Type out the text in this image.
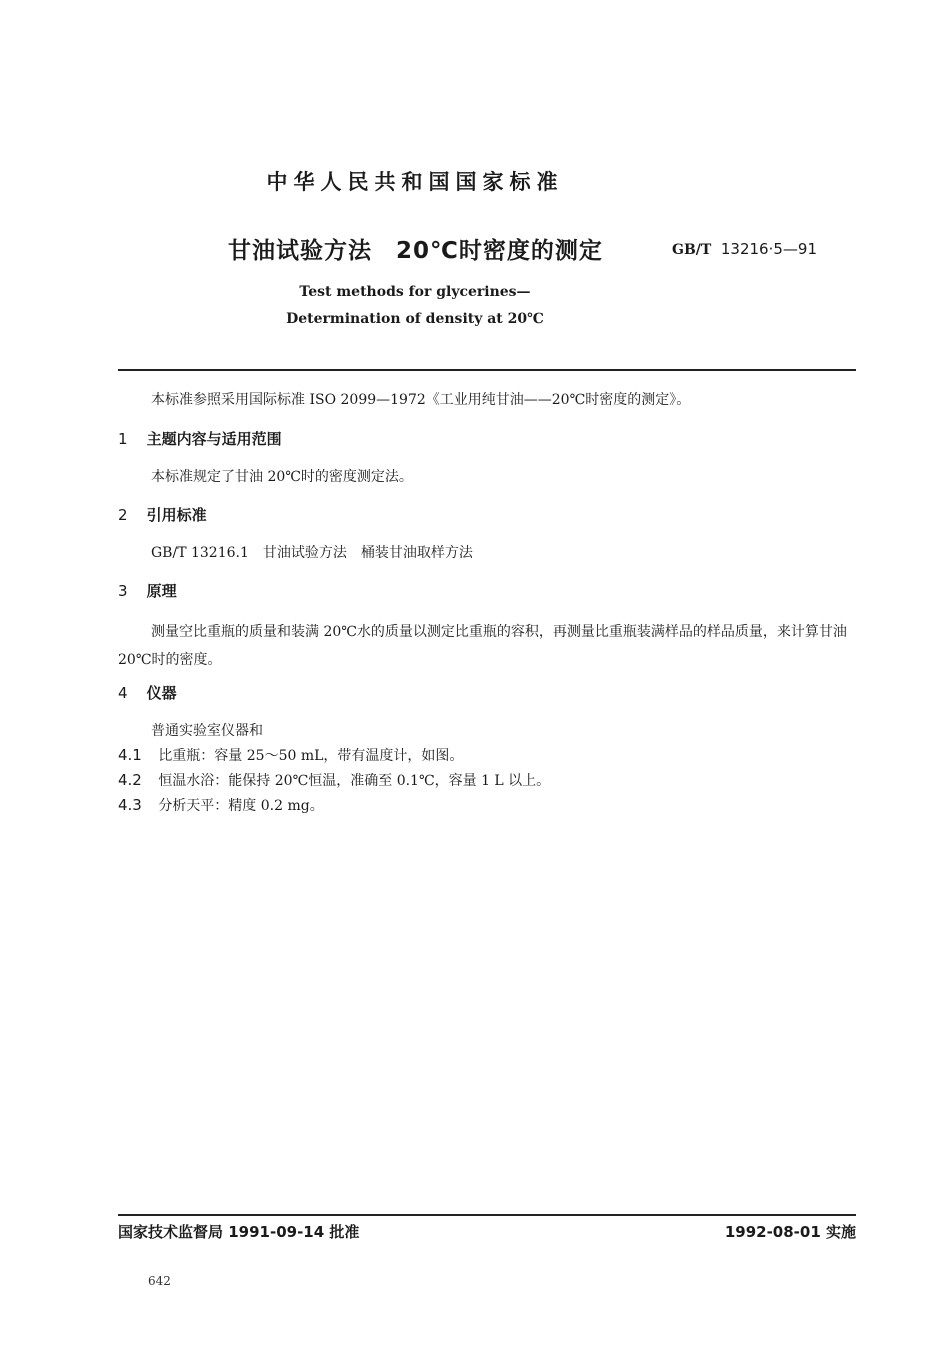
中华人民共和国国家标准
甘油试验方法　20℃时密度的测定	GB/T 13216·5—91
Test methods for glycerines—
Determination of density at 20℃
本标准参照采用国际标准 ISO 2099—1972《工业用纯甘油——20℃时密度的测定》。
1 主题内容与适用范围
本标准规定了甘油 20℃时的密度测定法。
2 引用标准
GB/T 13216.1　甘油试验方法　桶装甘油取样方法
3 原理
测量空比重瓶的质量和装满 20℃水的质量以测定比重瓶的容积，再测量比重瓶装满样品的样品质量，来计算甘油 20℃时的密度。
4 仪器
普通实验室仪器和
4.1 比重瓶：容量 25～50 mL，带有温度计，如图。
4.2 恒温水浴：能保持 20℃恒温，准确至 0.1℃，容量 1 L 以上。
4.3 分析天平：精度 0.2 mg。
国家技术监督局 1991-09-14 批准	1992-08-01 实施
642
